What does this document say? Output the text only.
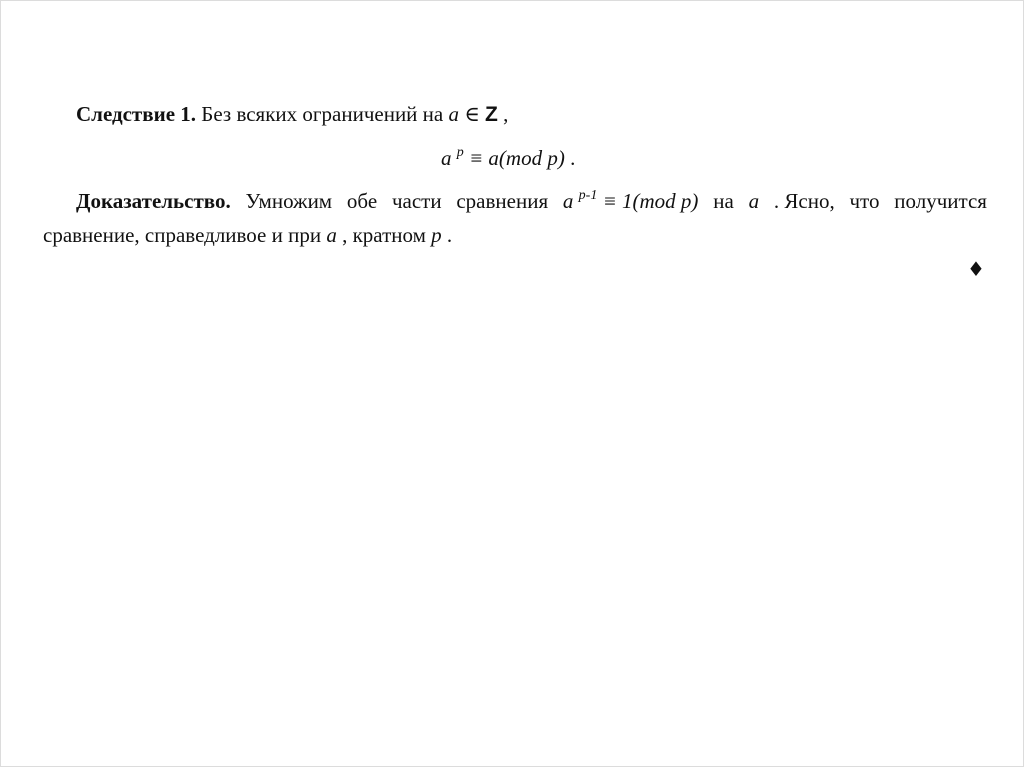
Следствие 1. Без всяких ограничений на a ∈ Z ,
a $^p$ ≡ a(mod p) .
Доказательство. Умножим обе части сравнения a $^{p-1}$ ≡ 1(mod p) на a . Ясно, что получится
сравнение, справедливое и при a , кратном p .
♦
